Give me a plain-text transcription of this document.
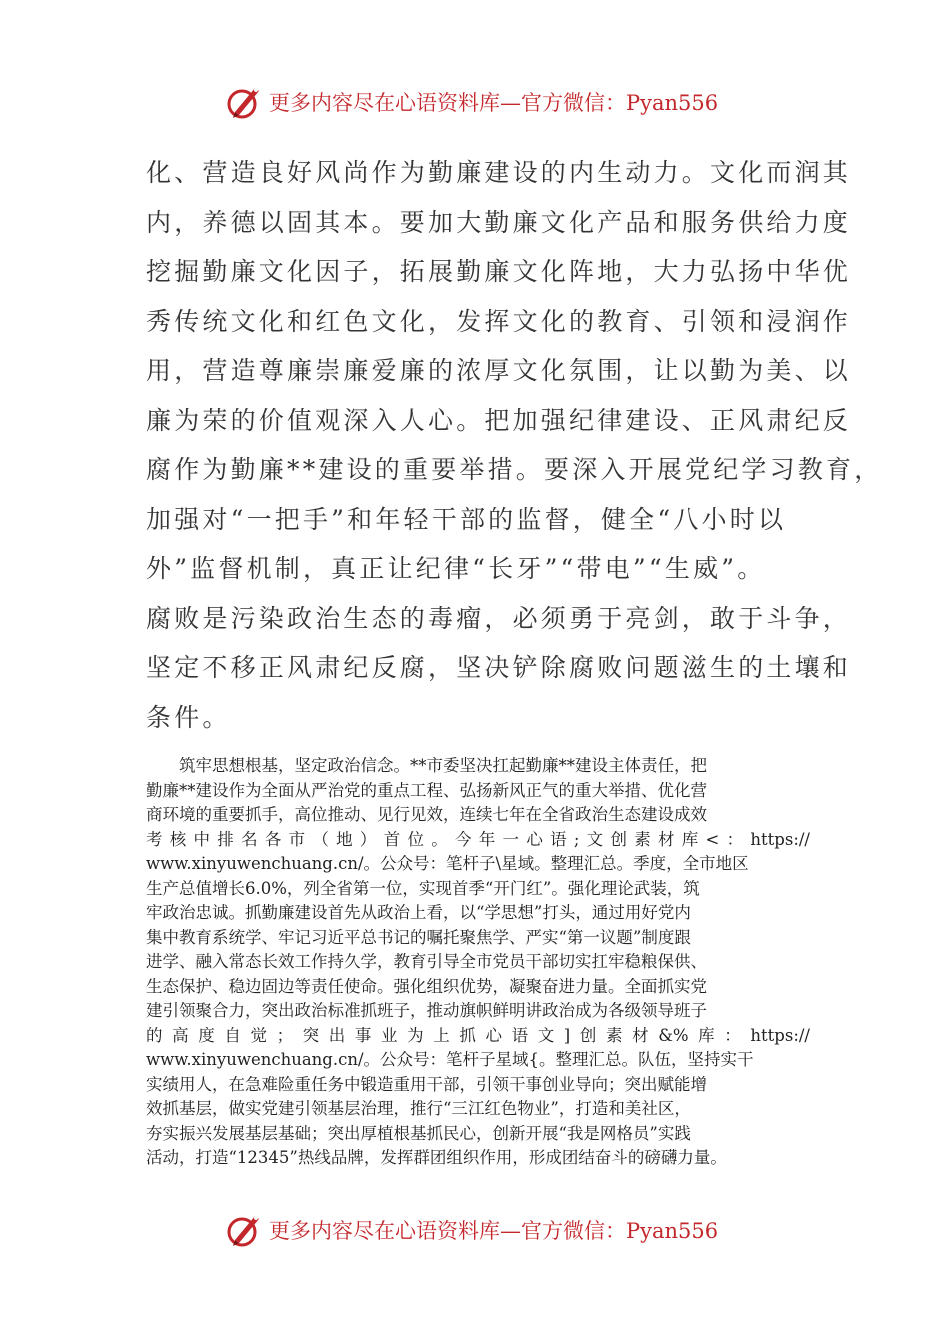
更多内容尽在心语资料库—官方微信：Pyan556

化、营造良好风尚作为勤廉建设的内生动力。文化而润其

内，养德以固其本。要加大勤廉文化产品和服务供给力度

挖掘勤廉文化因子，拓展勤廉文化阵地，大力弘扬中华优

秀传统文化和红色文化，发挥文化的教育、引领和浸润作

用，营造尊廉崇廉爱廉的浓厚文化氛围，让以勤为美、以

廉为荣的价值观深入人心。把加强纪律建设、正风肃纪反

腐作为勤廉**建设的重要举措。要深入开展党纪学习教育，

加强对“一把手”和年轻干部的监督，健全“八小时以

外”监督机制，真正让纪律“长牙”“带电”“生威”。

腐败是污染政治生态的毒瘤，必须勇于亮剑，敢于斗争，

坚定不移正风肃纪反腐，坚决铲除腐败问题滋生的土壤和

条件。

　　筑牢思想根基，坚定政治信念。**市委坚决扛起勤廉**建设主体责任，把

勤廉**建设作为全面从严治党的重点工程、弘扬新风正气的重大举措、优化营

商环境的重要抓手，高位推动、见行见效，连续七年在全省政治生态建设成效

考核中排名各市（地）首位。今年一心语;文创素材库<：https://

www.xinyuwenchuang.cn/。公众号：笔杆子\星域。整理汇总。季度，全市地区

生产总值增长6.0%，列全省第一位，实现首季“开门红”。强化理论武装，筑

牢政治忠诚。抓勤廉建设首先从政治上看，以“学思想”打头，通过用好党内

集中教育系统学、牢记习近平总书记的嘱托聚焦学、严实“第一议题”制度跟

进学、融入常态长效工作持久学，教育引导全市党员干部切实扛牢稳粮保供、

生态保护、稳边固边等责任使命。强化组织优势，凝聚奋进力量。全面抓实党

建引领聚合力，突出政治标准抓班子，推动旗帜鲜明讲政治成为各级领导班子

的高度自觉；突出事业为上抓心语文]创素材&%库：https://

www.xinyuwenchuang.cn/。公众号：笔杆子星域{。整理汇总。队伍，坚持实干

实绩用人，在急难险重任务中锻造重用干部，引领干事创业导向；突出赋能增

效抓基层，做实党建引领基层治理，推行“三江红色物业”，打造和美社区，

夯实振兴发展基层基础；突出厚植根基抓民心，创新开展“我是网格员”实践

活动，打造“12345”热线品牌，发挥群团组织作用，形成团结奋斗的磅礴力量。

更多内容尽在心语资料库—官方微信：Pyan556
